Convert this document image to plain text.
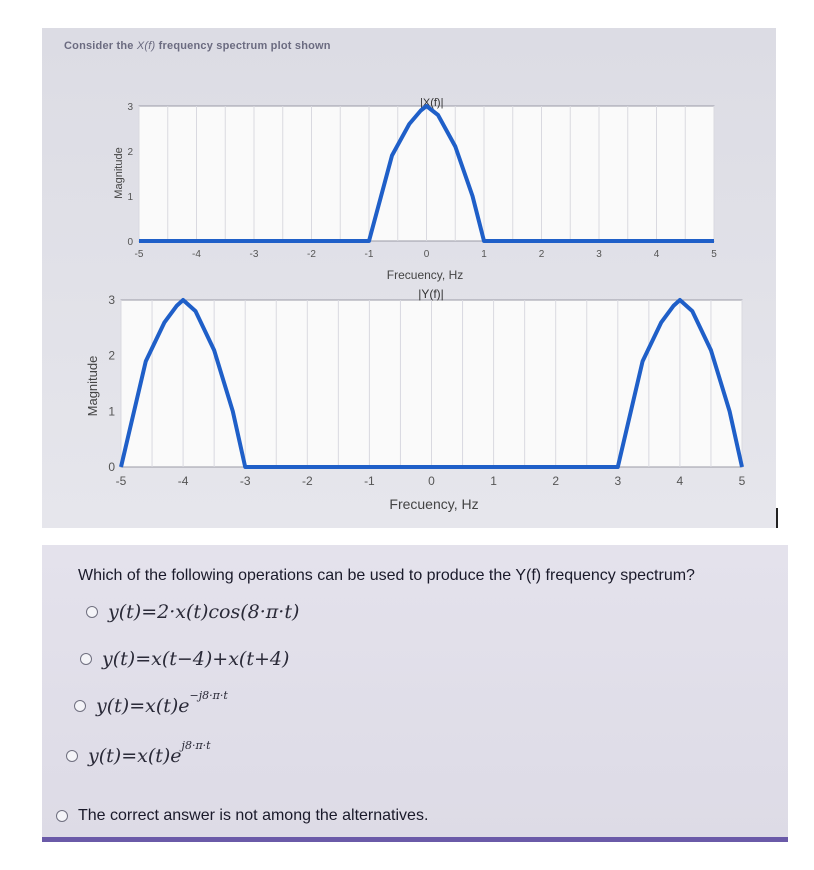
Consider the X(f) frequency spectrum plot shown
-5	-4	-3	-2	-1	0	1	2	3	4	5
0
1
2
3	|X(f)|
Magnitude
Frecuency, Hz
-5	-4	-3	-2	-1	0	1	2	3	4	5
0
1
2
3	|Y(f)|
Magnitude
Frecuency, Hz
Which of the following operations can be used to produce the Y(f) frequency spectrum?
y(t)=2·x(t)cos(8·π·t)
y(t)=x(t−4)+x(t+4)
$y(t)=x(t)e^{-j8\cdot\pi\cdot t}$
$y(t)=x(t)e^{j8\cdot\pi\cdot t}$
The correct answer is not among the alternatives.
